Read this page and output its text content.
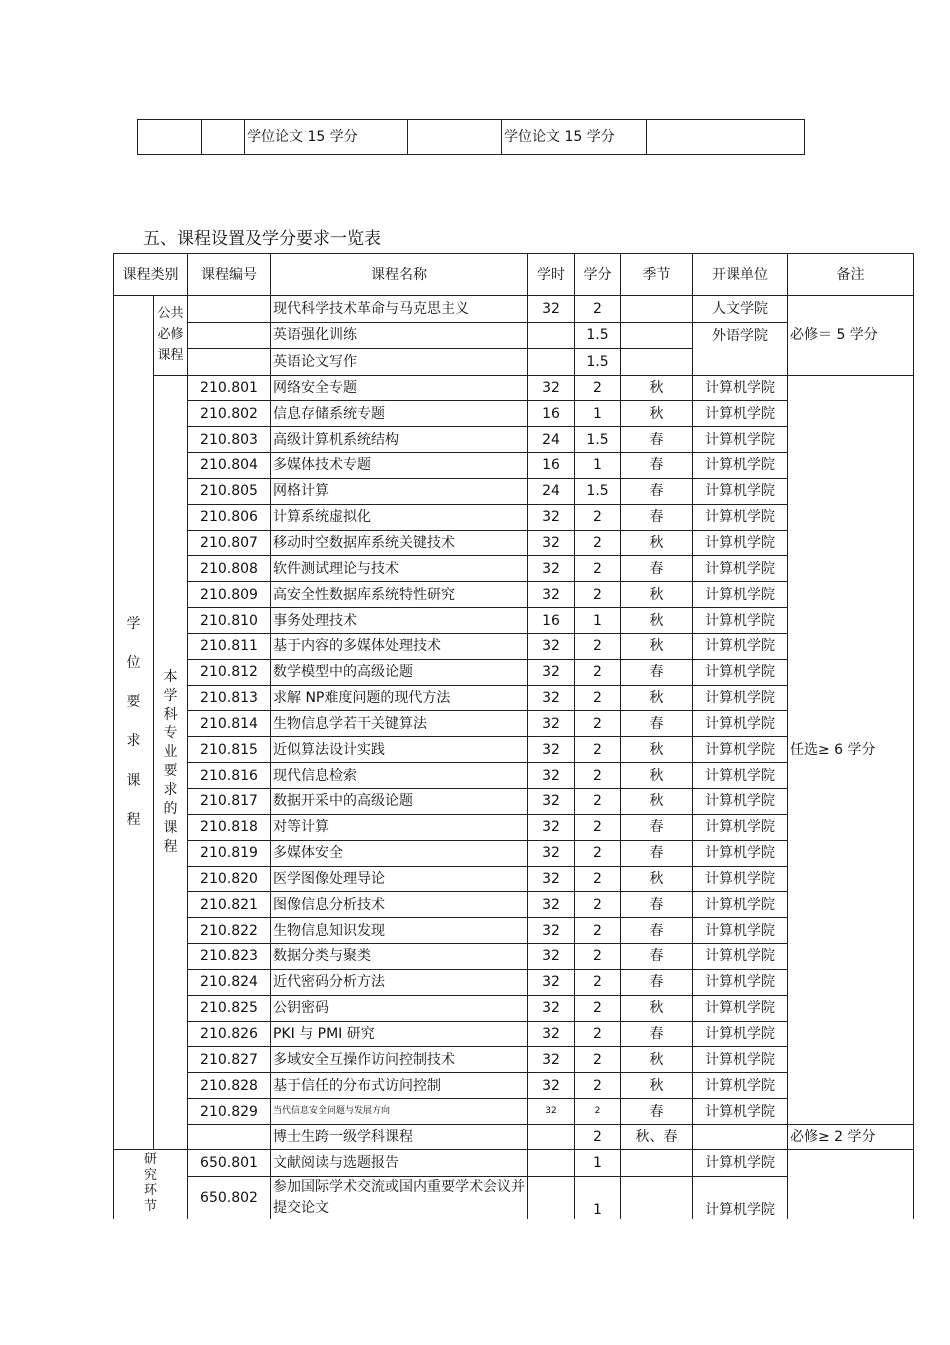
		学位论文 15 学分		学位论文 15 学分	
五、课程设置及学分要求一览表
课程类别		课程编号	课程名称	学时	学分	季节	开课单位	备注
学位要求课程	公共必修课程		现代科学技术革命与马克思主义	32	2		人文学院	必修＝ 5 学分
			英语强化训练		1.5		外语学院	
			英语论文写作		1.5			
	本学科专业要求的课程	210.801	网络安全专题	32	2	秋	计算机学院	任选≥ 6 学分
		210.802	信息存储系统专题	16	1	秋	计算机学院	
		210.803	高级计算机系统结构	24	1.5	春	计算机学院	
		210.804	多媒体技术专题	16	1	春	计算机学院	
		210.805	网格计算	24	1.5	春	计算机学院	
		210.806	计算系统虚拟化	32	2	春	计算机学院	
		210.807	移动时空数据库系统关键技术	32	2	秋	计算机学院	
		210.808	软件测试理论与技术	32	2	春	计算机学院	
		210.809	高安全性数据库系统特性研究	32	2	秋	计算机学院	
		210.810	事务处理技术	16	1	秋	计算机学院	
		210.811	基于内容的多媒体处理技术	32	2	秋	计算机学院	
		210.812	数学模型中的高级论题	32	2	春	计算机学院	
		210.813	求解 NP难度问题的现代方法	32	2	秋	计算机学院	
		210.814	生物信息学若干关键算法	32	2	春	计算机学院	
		210.815	近似算法设计实践	32	2	秋	计算机学院	
		210.816	现代信息检索	32	2	秋	计算机学院	
		210.817	数据开采中的高级论题	32	2	秋	计算机学院	
		210.818	对等计算	32	2	春	计算机学院	
		210.819	多媒体安全	32	2	春	计算机学院	
		210.820	医学图像处理导论	32	2	秋	计算机学院	
		210.821	图像信息分析技术	32	2	春	计算机学院	
		210.822	生物信息知识发现	32	2	春	计算机学院	
		210.823	数据分类与聚类	32	2	春	计算机学院	
		210.824	近代密码分析方法	32	2	春	计算机学院	
		210.825	公钥密码	32	2	秋	计算机学院	
		210.826	PKI 与 PMI 研究	32	2	春	计算机学院	
		210.827	多域安全互操作访问控制技术	32	2	秋	计算机学院	
		210.828	基于信任的分布式访问控制	32	2	秋	计算机学院	
		210.829	当代信息安全问题与发展方向	32	2	春	计算机学院	
			博士生跨一级学科课程		2	秋、春		必修≥ 2 学分
研究环节		650.801	文献阅读与选题报告		1		计算机学院	
		650.802	参加国际学术交流或国内重要学术会议并提交论文		1		计算机学院	
